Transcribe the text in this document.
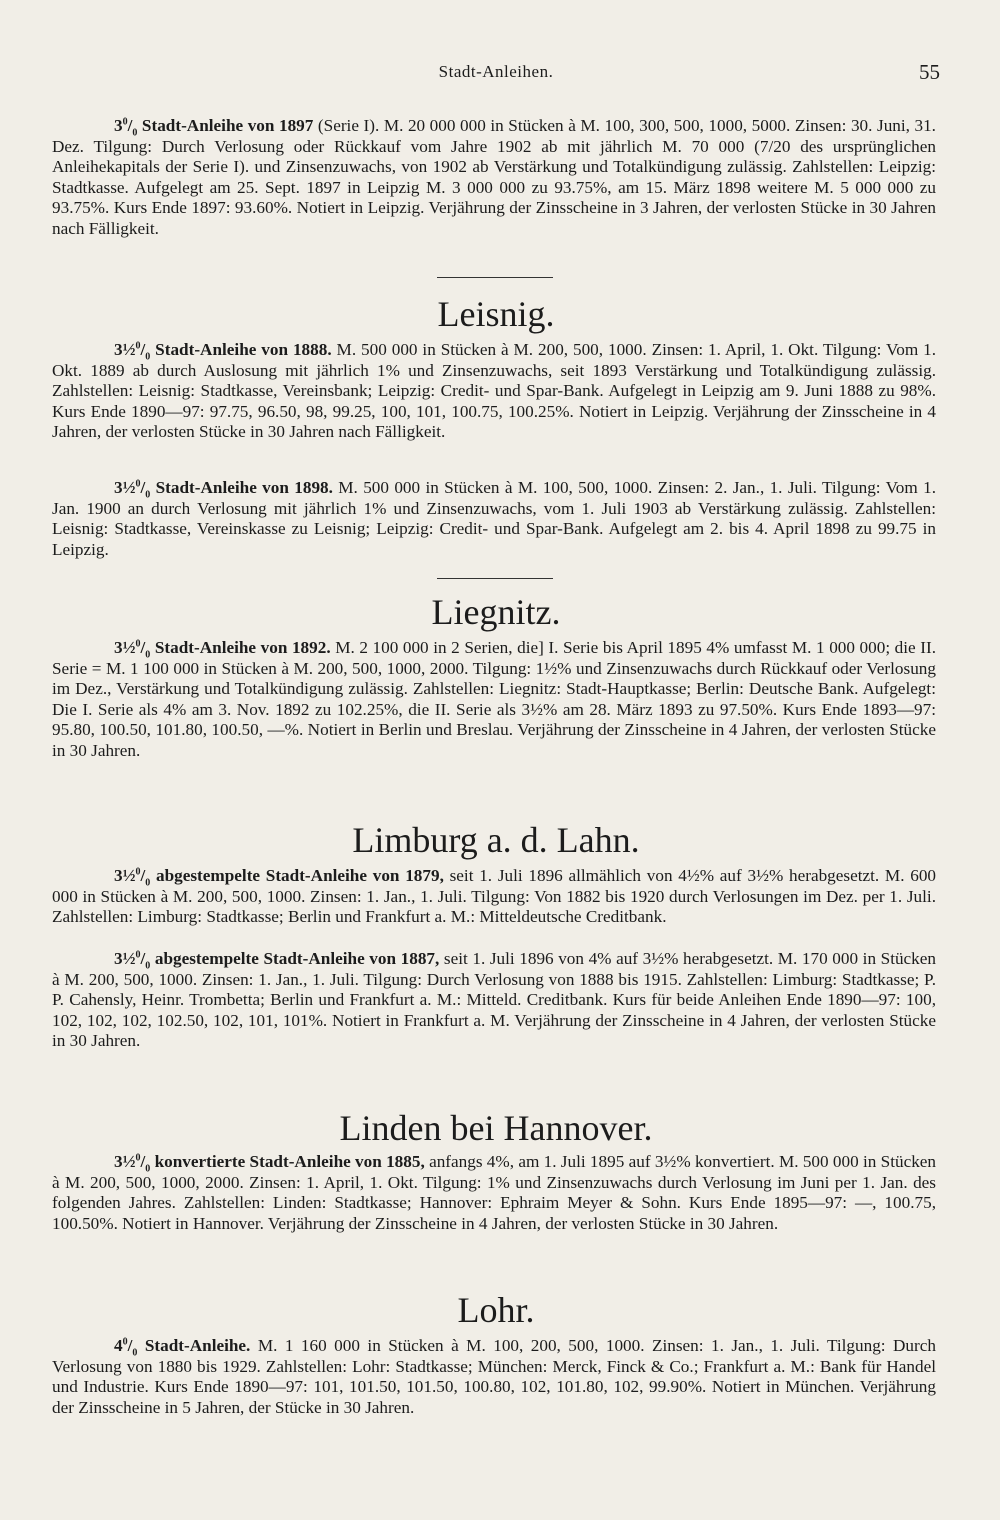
Stadt-Anleihen.	55

$3^0/_0$ Stadt-Anleihe von 1897 (Serie I). M. 20 000 000 in Stücken à M. 100, 300, 500, 1000, 5000. Zinsen: 30. Juni, 31. Dez. Tilgung: Durch Verlosung oder Rückkauf vom Jahre 1902 ab mit jährlich M. 70 000 (7/20 des ursprünglichen Anleihekapitals der Serie I). und Zinsenzuwachs, von 1902 ab Verstärkung und Totalkündigung zulässig. Zahlstellen: Leipzig: Stadtkasse. Aufgelegt am 25. Sept. 1897 in Leipzig M. 3 000 000 zu 93.75%, am 15. März 1898 weitere M. 5 000 000 zu 93.75%. Kurs Ende 1897: 93.60%. Notiert in Leipzig. Verjährung der Zinsscheine in 3 Jahren, der verlosten Stücke in 30 Jahren nach Fälligkeit.

Leisnig.

$3\frac{1}{2}^0/_0$ Stadt-Anleihe von 1888. M. 500 000 in Stücken à M. 200, 500, 1000. Zinsen: 1. April, 1. Okt. Tilgung: Vom 1. Okt. 1889 ab durch Auslosung mit jährlich 1% und Zinsenzuwachs, seit 1893 Verstärkung und Totalkündigung zulässig. Zahlstellen: Leisnig: Stadtkasse, Vereinsbank; Leipzig: Credit- und Spar-Bank. Aufgelegt in Leipzig am 9. Juni 1888 zu 98%. Kurs Ende 1890—97: 97.75, 96.50, 98, 99.25, 100, 101, 100.75, 100.25%. Notiert in Leipzig. Verjährung der Zinsscheine in 4 Jahren, der verlosten Stücke in 30 Jahren nach Fälligkeit.

$3\frac{1}{2}^0/_0$ Stadt-Anleihe von 1898. M. 500 000 in Stücken à M. 100, 500, 1000. Zinsen: 2. Jan., 1. Juli. Tilgung: Vom 1. Jan. 1900 an durch Verlosung mit jährlich 1% und Zinsenzuwachs, vom 1. Juli 1903 ab Verstärkung zulässig. Zahlstellen: Leisnig: Stadtkasse, Vereinskasse zu Leisnig; Leipzig: Credit- und Spar-Bank. Aufgelegt am 2. bis 4. April 1898 zu 99.75 in Leipzig.

Liegnitz.

$3\frac{1}{2}^0/_0$ Stadt-Anleihe von 1892. M. 2 100 000 in 2 Serien, die] I. Serie bis April 1895 4% umfasst M. 1 000 000; die II. Serie = M. 1 100 000 in Stücken à M. 200, 500, 1000, 2000. Tilgung: 1½% und Zinsenzuwachs durch Rückkauf oder Verlosung im Dez., Verstärkung und Totalkündigung zulässig. Zahlstellen: Liegnitz: Stadt-Hauptkasse; Berlin: Deutsche Bank. Aufgelegt: Die I. Serie als 4% am 3. Nov. 1892 zu 102.25%, die II. Serie als 3½% am 28. März 1893 zu 97.50%. Kurs Ende 1893—97: 95.80, 100.50, 101.80, 100.50, —%. Notiert in Berlin und Breslau. Verjährung der Zinsscheine in 4 Jahren, der verlosten Stücke in 30 Jahren.

Limburg a. d. Lahn.

$3\frac{1}{2}^0/_0$ abgestempelte Stadt-Anleihe von 1879, seit 1. Juli 1896 allmählich von 4½% auf 3½% herabgesetzt. M. 600 000 in Stücken à M. 200, 500, 1000. Zinsen: 1. Jan., 1. Juli. Tilgung: Von 1882 bis 1920 durch Verlosungen im Dez. per 1. Juli. Zahlstellen: Limburg: Stadtkasse; Berlin und Frankfurt a. M.: Mitteldeutsche Creditbank.

$3\frac{1}{2}^0/_0$ abgestempelte Stadt-Anleihe von 1887, seit 1. Juli 1896 von 4% auf 3½% herabgesetzt. M. 170 000 in Stücken à M. 200, 500, 1000. Zinsen: 1. Jan., 1. Juli. Tilgung: Durch Verlosung von 1888 bis 1915. Zahlstellen: Limburg: Stadtkasse; P. P. Cahensly, Heinr. Trombetta; Berlin und Frankfurt a. M.: Mitteld. Creditbank. Kurs für beide Anleihen Ende 1890—97: 100, 102, 102, 102, 102.50, 102, 101, 101%. Notiert in Frankfurt a. M. Verjährung der Zinsscheine in 4 Jahren, der verlosten Stücke in 30 Jahren.

Linden bei Hannover.

$3\frac{1}{2}^0/_0$ konvertierte Stadt-Anleihe von 1885, anfangs 4%, am 1. Juli 1895 auf 3½% konvertiert. M. 500 000 in Stücken à M. 200, 500, 1000, 2000. Zinsen: 1. April, 1. Okt. Tilgung: 1% und Zinsenzuwachs durch Verlosung im Juni per 1. Jan. des folgenden Jahres. Zahlstellen: Linden: Stadtkasse; Hannover: Ephraim Meyer & Sohn. Kurs Ende 1895—97: —, 100.75, 100.50%. Notiert in Hannover. Verjährung der Zinsscheine in 4 Jahren, der verlosten Stücke in 30 Jahren.

Lohr.

$4^0/_0$ Stadt-Anleihe. M. 1 160 000 in Stücken à M. 100, 200, 500, 1000. Zinsen: 1. Jan., 1. Juli. Tilgung: Durch Verlosung von 1880 bis 1929. Zahlstellen: Lohr: Stadtkasse; München: Merck, Finck & Co.; Frankfurt a. M.: Bank für Handel und Industrie. Kurs Ende 1890—97: 101, 101.50, 101.50, 100.80, 102, 101.80, 102, 99.90%. Notiert in München. Verjährung der Zinsscheine in 5 Jahren, der Stücke in 30 Jahren.
